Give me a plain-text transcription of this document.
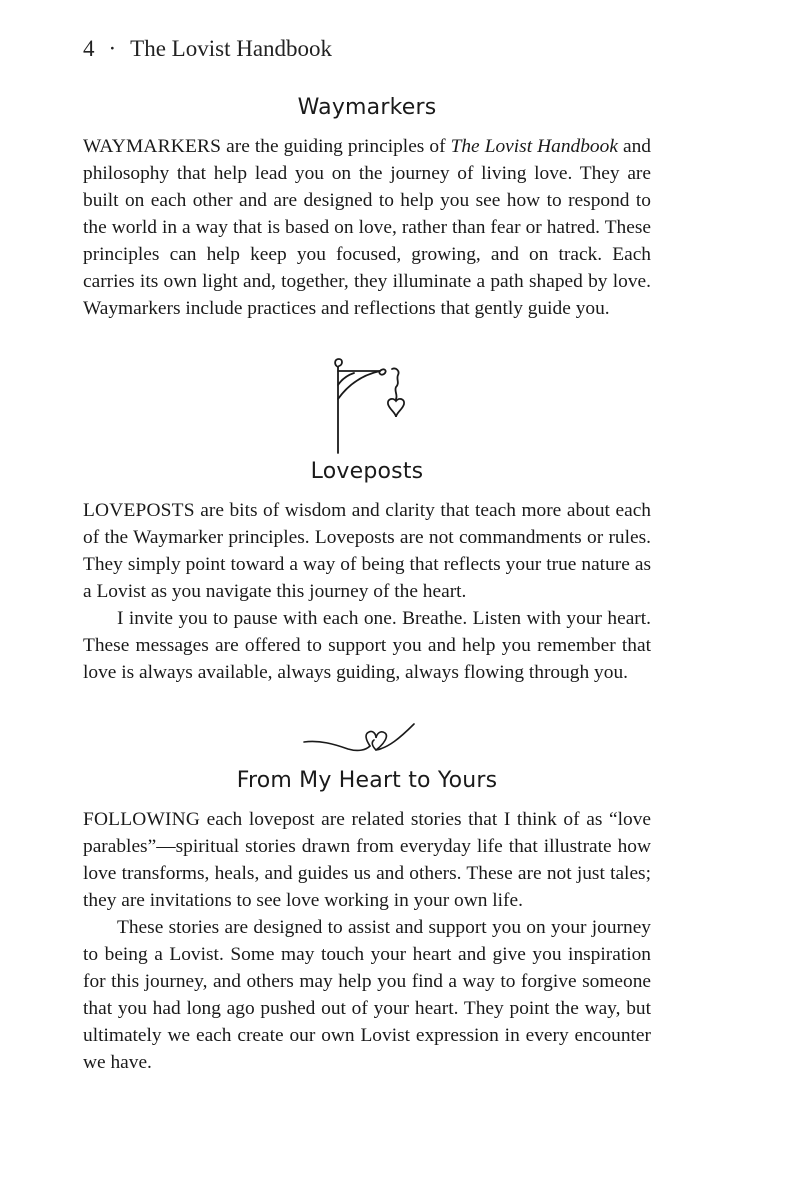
4 · The Lovist Handbook
Waymarkers

WAYMARKERS are the guiding principles of The Lovist Handbook and philosophy that help lead you on the journey of living love. They are built on each other and are designed to help you see how to respond to the world in a way that is based on love, rather than fear or hatred. These principles can help keep you focused, growing, and on track. Each carries its own light and, together, they illuminate a path shaped by love. Waymarkers include practices and reflections that gently guide you.

Loveposts

LOVEPOSTS are bits of wisdom and clarity that teach more about each of the Waymarker principles. Loveposts are not commandments or rules. They simply point toward a way of being that reflects your true nature as a Lovist as you navigate this journey of the heart.

I invite you to pause with each one. Breathe. Listen with your heart. These messages are offered to support you and help you remember that love is always available, always guiding, always flowing through you.

From My Heart to Yours

FOLLOWING each lovepost are related stories that I think of as “love parables”—spiritual stories drawn from everyday life that illustrate how love transforms, heals, and guides us and others. These are not just tales; they are invitations to see love working in your own life.

These stories are designed to assist and support you on your journey to being a Lovist. Some may touch your heart and give you inspiration for this journey, and others may help you find a way to forgive someone that you had long ago pushed out of your heart. They point the way, but ultimately we each create our own Lovist expression in every encounter we have.
